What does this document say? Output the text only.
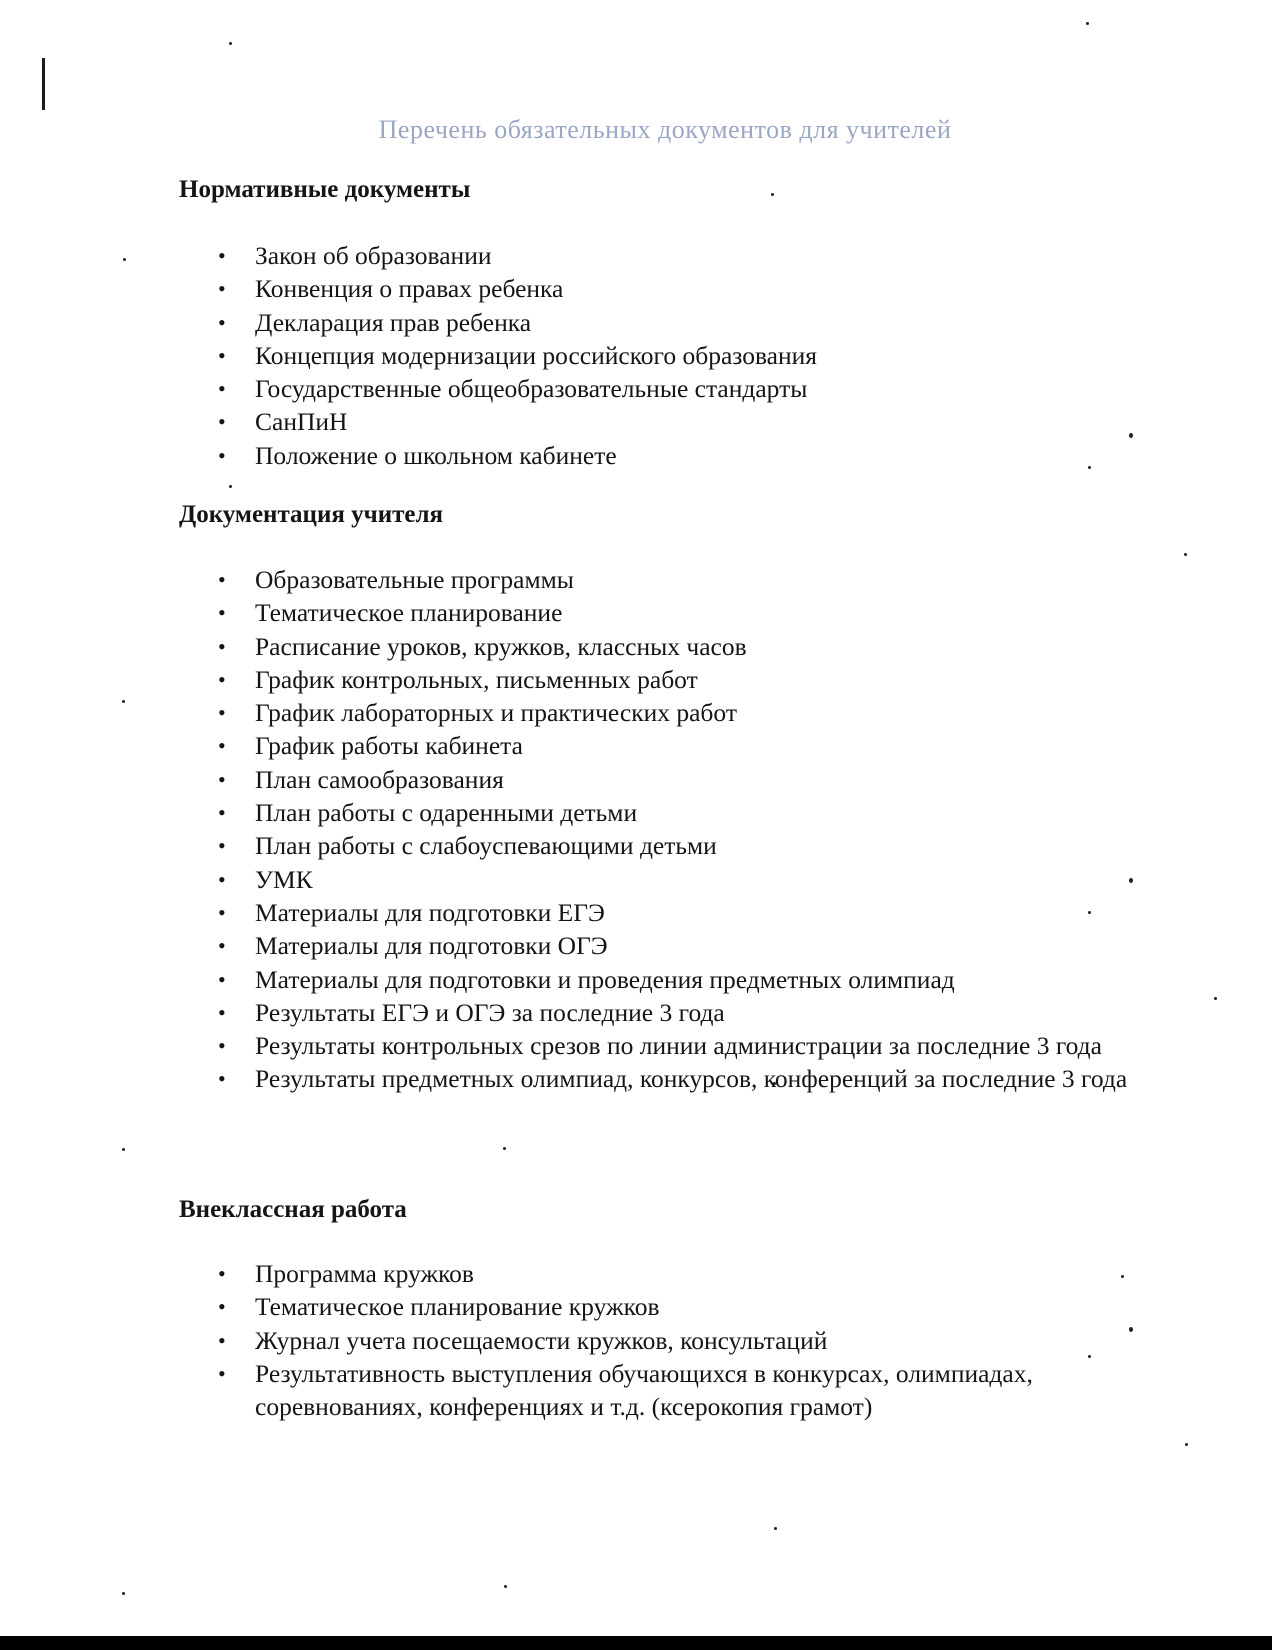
Перечень обязательных документов для учителей
Нормативные документы
• Закон об образовании
• Конвенция о правах ребенка
• Декларация прав ребенка
• Концепция модернизации российского образования
• Государственные общеобразовательные стандарты
• СанПиН
• Положение о школьном кабинете
Документация учителя
• Образовательные программы
• Тематическое планирование
• Расписание уроков, кружков, классных часов
• График контрольных, письменных работ
• График лабораторных и практических работ
• График работы кабинета
• План самообразования
• План работы с одаренными детьми
• План работы с слабоуспевающими детьми
• УМК
• Материалы для подготовки ЕГЭ
• Материалы для подготовки ОГЭ
• Материалы для подготовки и проведения предметных олимпиад
• Результаты ЕГЭ и ОГЭ за последние 3 года
• Результаты контрольных срезов по линии администрации за последние 3 года
• Результаты предметных олимпиад, конкурсов, конференций за последние 3 года
Внеклассная работа
• Программа кружков
• Тематическое планирование кружков
• Журнал учета посещаемости кружков, консультаций
• Результативность выступления обучающихся в конкурсах, олимпиадах, соревнованиях, конференциях и т.д. (ксерокопия грамот)
